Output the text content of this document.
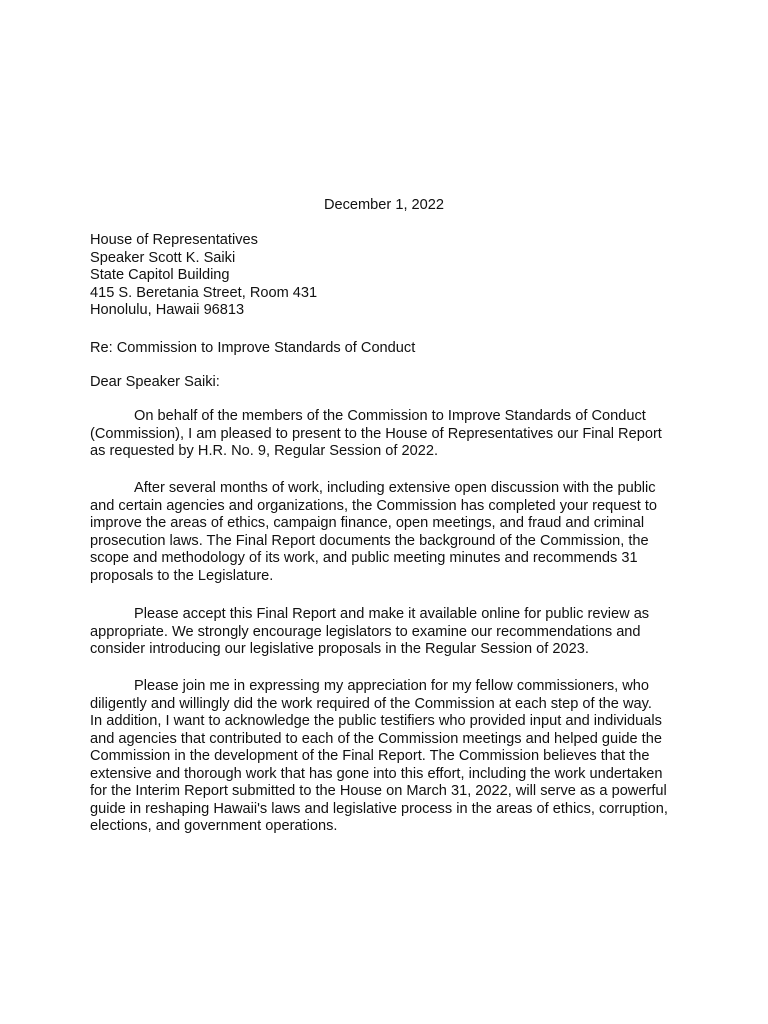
December 1, 2022
House of Representatives
Speaker Scott K. Saiki
State Capitol Building
415 S. Beretania Street, Room 431
Honolulu, Hawaii 96813
Re: Commission to Improve Standards of Conduct
Dear Speaker Saiki:
On behalf of the members of the Commission to Improve Standards of Conduct
(Commission), I am pleased to present to the House of Representatives our Final Report
as requested by H.R. No. 9, Regular Session of 2022.
After several months of work, including extensive open discussion with the public
and certain agencies and organizations, the Commission has completed your request to
improve the areas of ethics, campaign finance, open meetings, and fraud and criminal
prosecution laws. The Final Report documents the background of the Commission, the
scope and methodology of its work, and public meeting minutes and recommends 31
proposals to the Legislature.
Please accept this Final Report and make it available online for public review as
appropriate. We strongly encourage legislators to examine our recommendations and
consider introducing our legislative proposals in the Regular Session of 2023.
Please join me in expressing my appreciation for my fellow commissioners, who
diligently and willingly did the work required of the Commission at each step of the way.
In addition, I want to acknowledge the public testifiers who provided input and individuals
and agencies that contributed to each of the Commission meetings and helped guide the
Commission in the development of the Final Report. The Commission believes that the
extensive and thorough work that has gone into this effort, including the work undertaken
for the Interim Report submitted to the House on March 31, 2022, will serve as a powerful
guide in reshaping Hawaii's laws and legislative process in the areas of ethics, corruption,
elections, and government operations.
